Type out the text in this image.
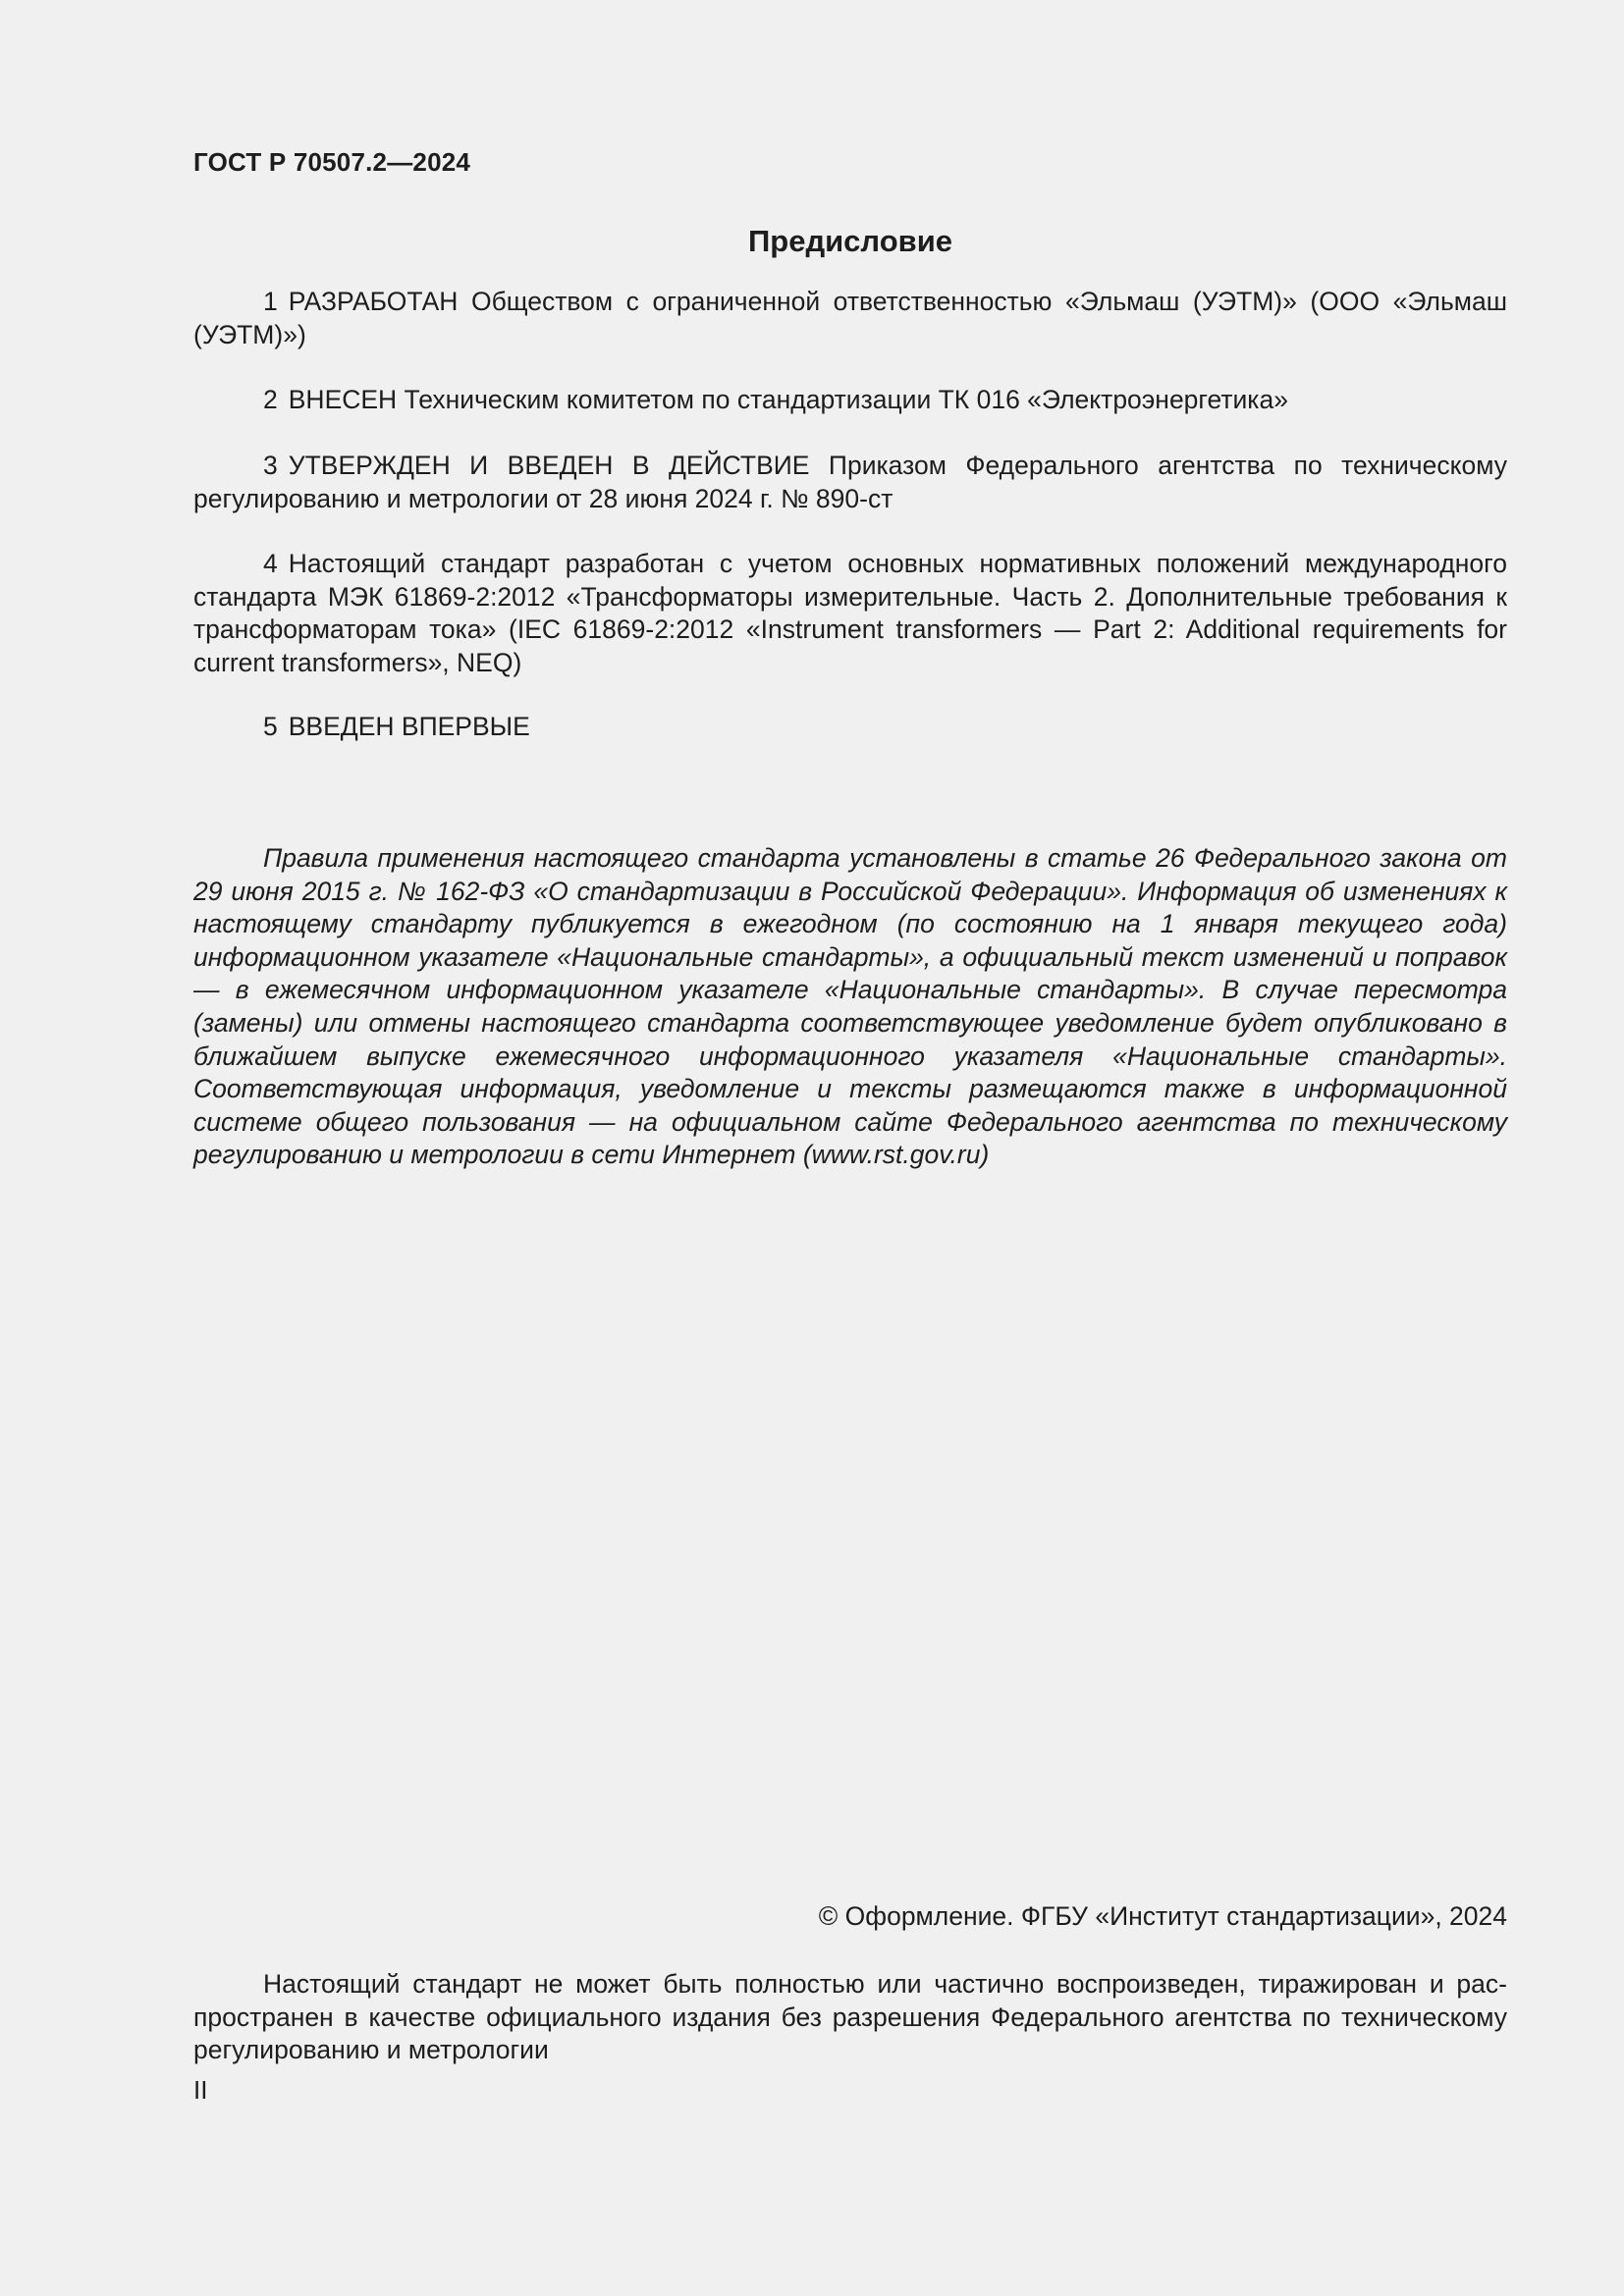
ГОСТ Р 70507.2—2024
Предисловие

1 РАЗРАБОТАН Обществом с ограниченной ответственностью «Эльмаш (УЭТМ)» (ООО «Эльмаш (УЭТМ)»)

2 ВНЕСЕН Техническим комитетом по стандартизации ТК 016 «Электроэнергетика»

3 УТВЕРЖДЕН И ВВЕДЕН В ДЕЙСТВИЕ Приказом Федерального агентства по техническому регулированию и метрологии от 28 июня 2024 г. № 890-ст

4 Настоящий стандарт разработан с учетом основных нормативных положений международного стандарта МЭК 61869-2:2012 «Трансформаторы измерительные. Часть 2. Дополнительные требования к трансформаторам тока» (IEC 61869-2:2012 «Instrument transformers — Part 2: Additional requirements for current transformers», NEQ)

5 ВВЕДЕН ВПЕРВЫЕ

Правила применения настоящего стандарта установлены в статье 26 Федерального закона от 29 июня 2015 г. № 162-ФЗ «О стандартизации в Российской Федерации». Информация об изменениях к настоящему стандарту публикуется в ежегодном (по состоянию на 1 января текущего года) информационном указателе «Национальные стандарты», а официальный текст изменений и поправок — в ежемесячном информационном указателе «Национальные стандарты». В случае пересмотра (замены) или отмены настоящего стандарта соответствующее уведомление будет опубликовано в ближайшем выпуске ежемесячного информационного указателя «Национальные стандарты». Соответствующая информация, уведомление и тексты размещаются также в информационной системе общего пользования — на официальном сайте Федерального агентства по техническому регулированию и метрологии в сети Интернет (www.rst.gov.ru)

© Оформление. ФГБУ «Институт стандартизации», 2024

Настоящий стандарт не может быть полностью или частично воспроизведен, тиражирован и распространен в качестве официального издания без разрешения Федерального агентства по техническому регулированию и метрологии

II
